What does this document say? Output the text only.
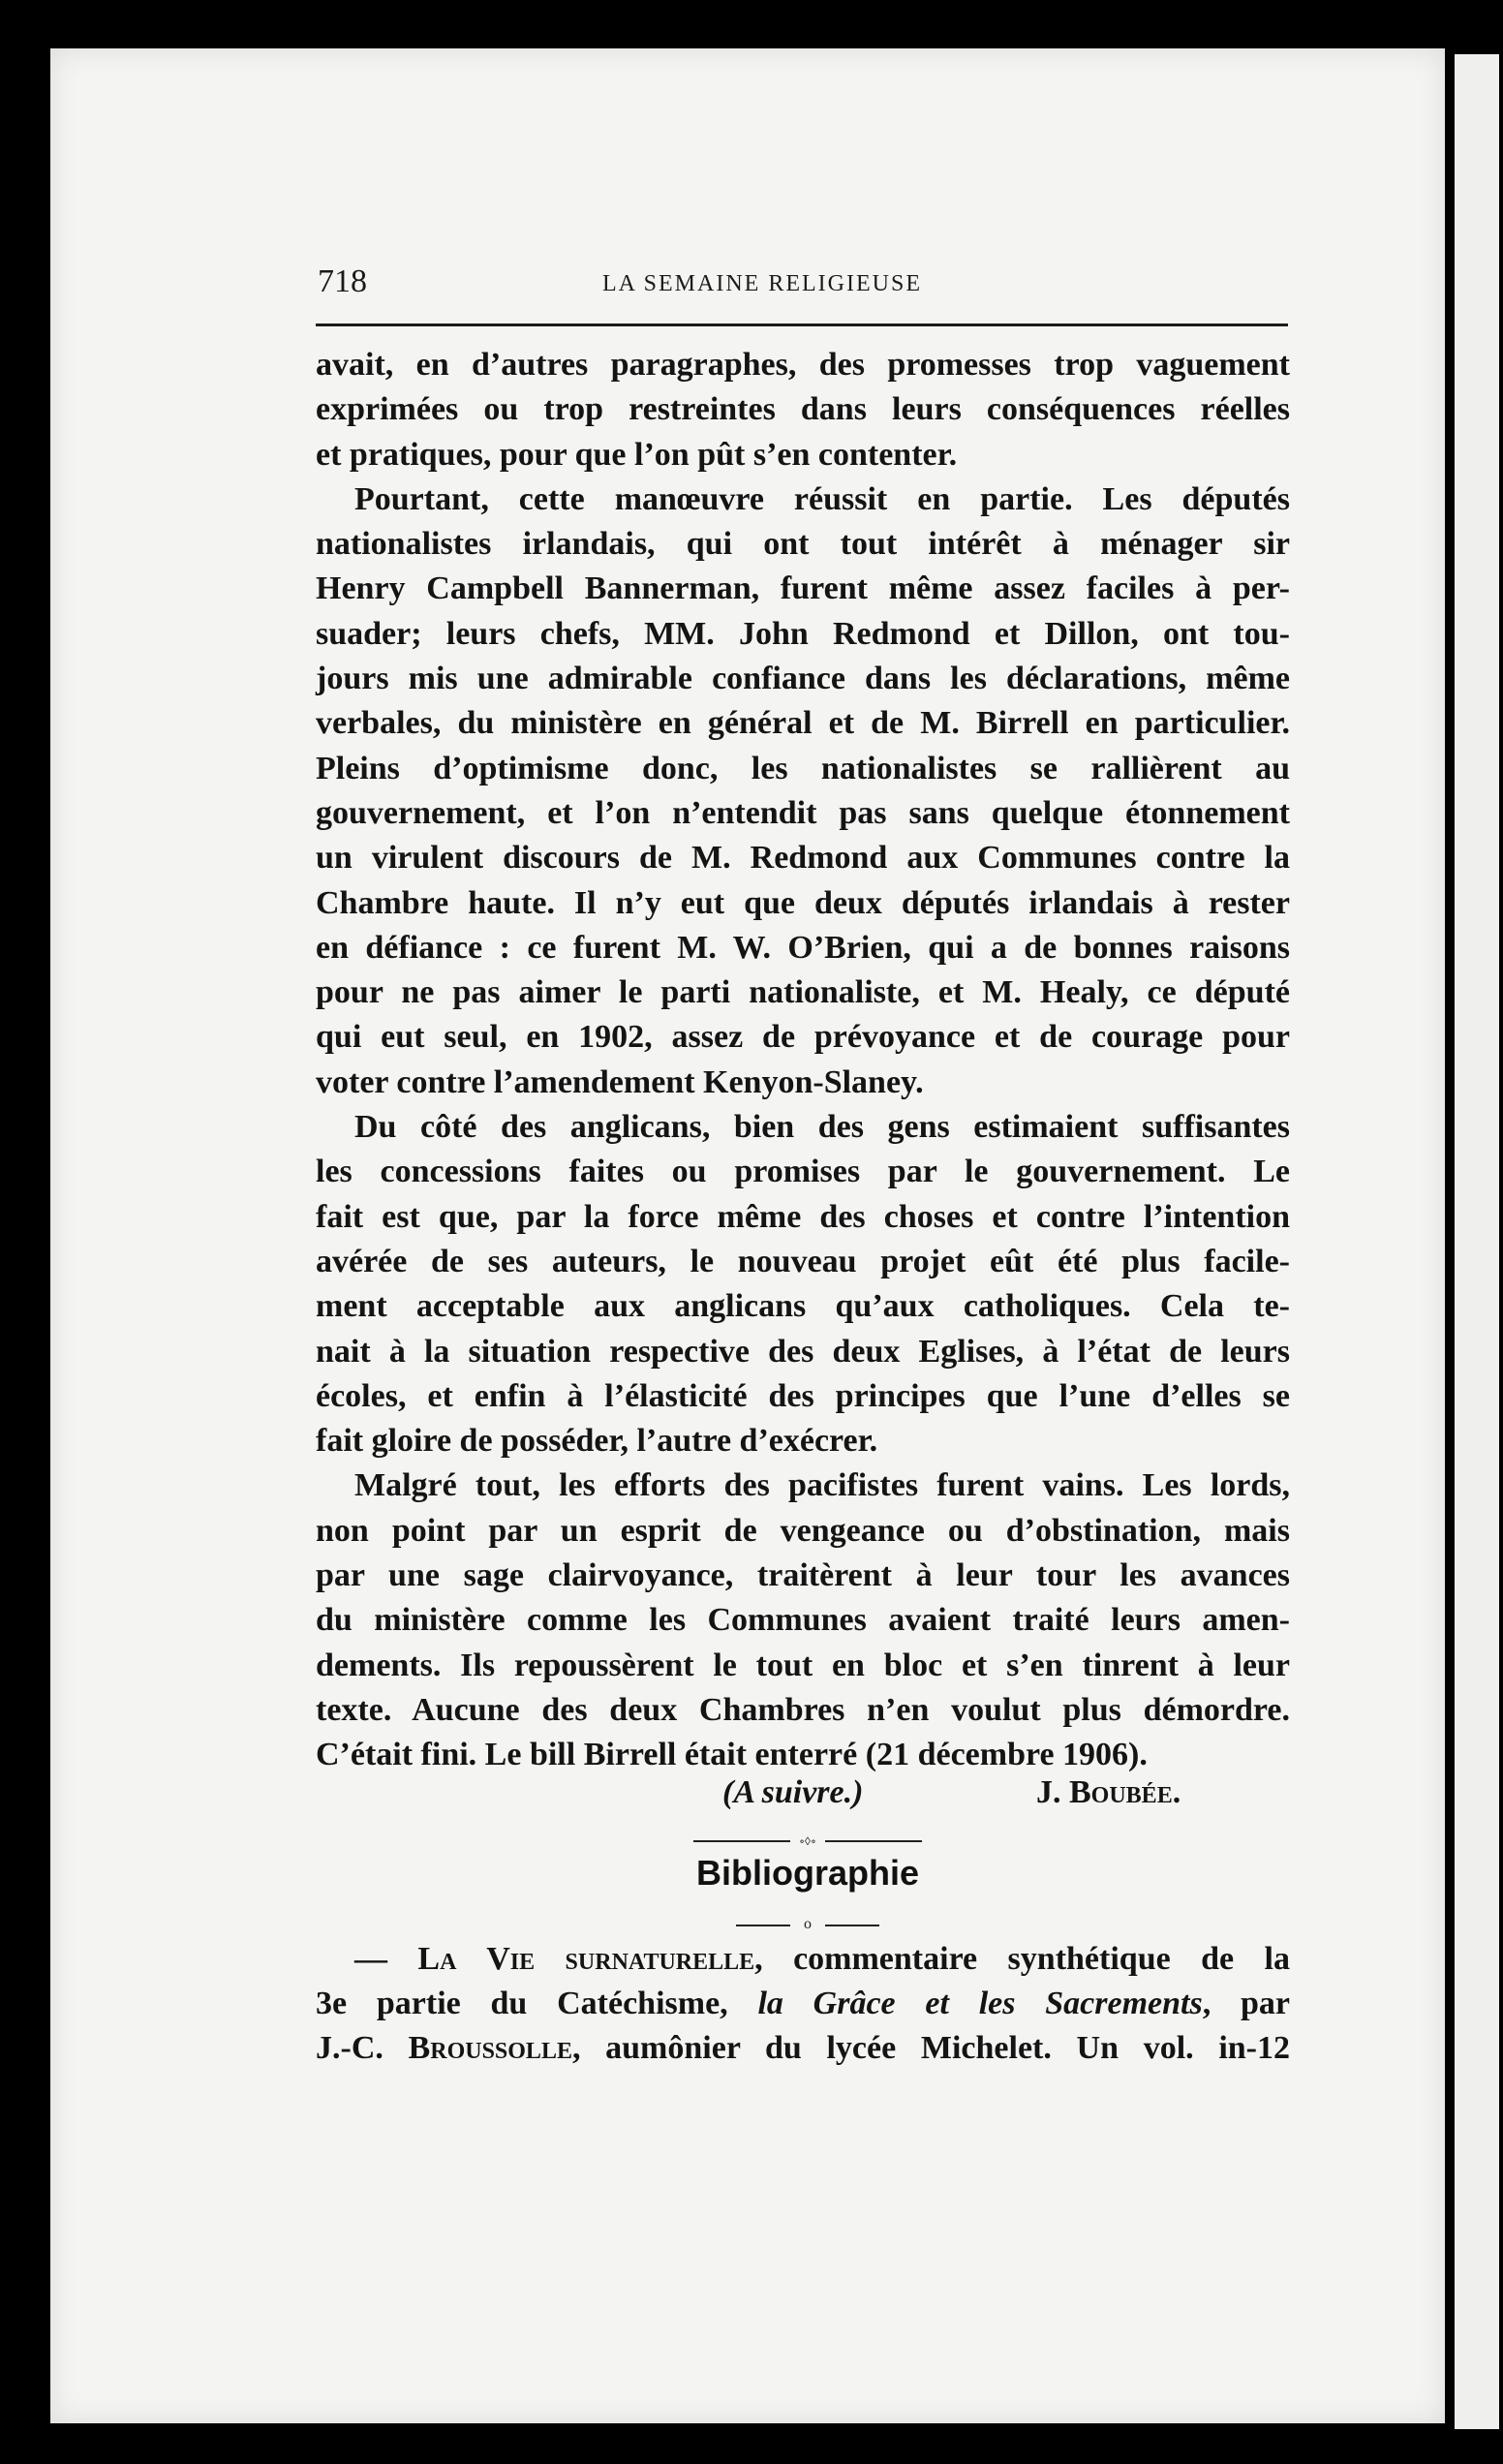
718	LA SEMAINE RELIGIEUSE
avait, en d’autres paragraphes, des promesses trop vaguement
exprimées ou trop restreintes dans leurs conséquences réelles
et pratiques, pour que l’on pût s’en contenter.
Pourtant, cette manœuvre réussit en partie. Les députés
nationalistes irlandais, qui ont tout intérêt à ménager sir
Henry Campbell Bannerman, furent même assez faciles à per-
suader; leurs chefs, MM. John Redmond et Dillon, ont tou-
jours mis une admirable confiance dans les déclarations, même
verbales, du ministère en général et de M. Birrell en particulier.
Pleins d’optimisme donc, les nationalistes se rallièrent au
gouvernement, et l’on n’entendit pas sans quelque étonnement
un virulent discours de M. Redmond aux Communes contre la
Chambre haute. Il n’y eut que deux députés irlandais à rester
en défiance : ce furent M. W. O’Brien, qui a de bonnes raisons
pour ne pas aimer le parti nationaliste, et M. Healy, ce député
qui eut seul, en 1902, assez de prévoyance et de courage pour
voter contre l’amendement Kenyon-Slaney.
Du côté des anglicans, bien des gens estimaient suffisantes
les concessions faites ou promises par le gouvernement. Le
fait est que, par la force même des choses et contre l’intention
avérée de ses auteurs, le nouveau projet eût été plus facile-
ment acceptable aux anglicans qu’aux catholiques. Cela te-
nait à la situation respective des deux Eglises, à l’état de leurs
écoles, et enfin à l’élasticité des principes que l’une d’elles se
fait gloire de posséder, l’autre d’exécrer.
Malgré tout, les efforts des pacifistes furent vains. Les lords,
non point par un esprit de vengeance ou d’obstination, mais
par une sage clairvoyance, traitèrent à leur tour les avances
du ministère comme les Communes avaient traité leurs amen-
dements. Ils repoussèrent le tout en bloc et s’en tinrent à leur
texte. Aucune des deux Chambres n’en voulut plus démordre.
C’était fini. Le bill Birrell était enterré (21 décembre 1906).
(A suivre.)	J. Boubée.
∘◊∘
Bibliographie
o
— La Vie surnaturelle, commentaire synthétique de la
3e partie du Catéchisme, la Grâce et les Sacrements, par
J.-C. Broussolle, aumônier du lycée Michelet. Un vol. in-12
